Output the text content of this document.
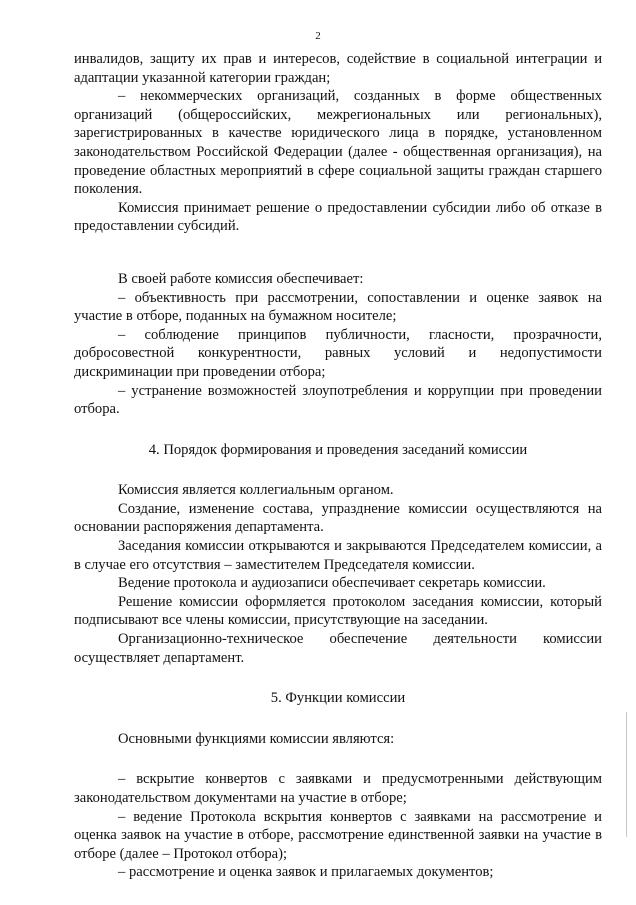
2

инвалидов, защиту их прав и интересов, содействие в социальной интеграции и адаптации указанной категории граждан;

– некоммерческих организаций, созданных в форме общественных организаций (общероссийских, межрегиональных или региональных), зарегистрированных в качестве юридического лица в порядке, установленном законодательством Российской Федерации (далее - общественная организация), на проведение областных мероприятий в сфере социальной защиты граждан старшего поколения.

Комиссия принимает решение о предоставлении субсидии либо об отказе в предоставлении субсидий.

В своей работе комиссия обеспечивает:

– объективность при рассмотрении, сопоставлении и оценке заявок на участие в отборе, поданных на бумажном носителе;

– соблюдение принципов публичности, гласности, прозрачности, добросовестной конкурентности, равных условий и недопустимости дискриминации при проведении отбора;

– устранение возможностей злоупотребления и коррупции при проведении отбора.

4. Порядок формирования и проведения заседаний комиссии

Комиссия является коллегиальным органом.

Создание, изменение состава, упразднение комиссии осуществляются на основании распоряжения департамента.

Заседания комиссии открываются и закрываются Председателем комиссии, а в случае его отсутствия – заместителем Председателя комиссии.

Ведение протокола и аудиозаписи обеспечивает секретарь комиссии.

Решение комиссии оформляется протоколом заседания комиссии, который подписывают все члены комиссии, присутствующие на заседании.

Организационно-техническое обеспечение деятельности комиссии осуществляет департамент.

5. Функции комиссии

Основными функциями комиссии являются:

– вскрытие конвертов с заявками и предусмотренными действующим законодательством документами на участие в отборе;

– ведение Протокола вскрытия конвертов с заявками на рассмотрение и оценка заявок на участие в отборе, рассмотрение единственной заявки на участие в отборе (далее – Протокол отбора);

– рассмотрение и оценка заявок и прилагаемых документов;
